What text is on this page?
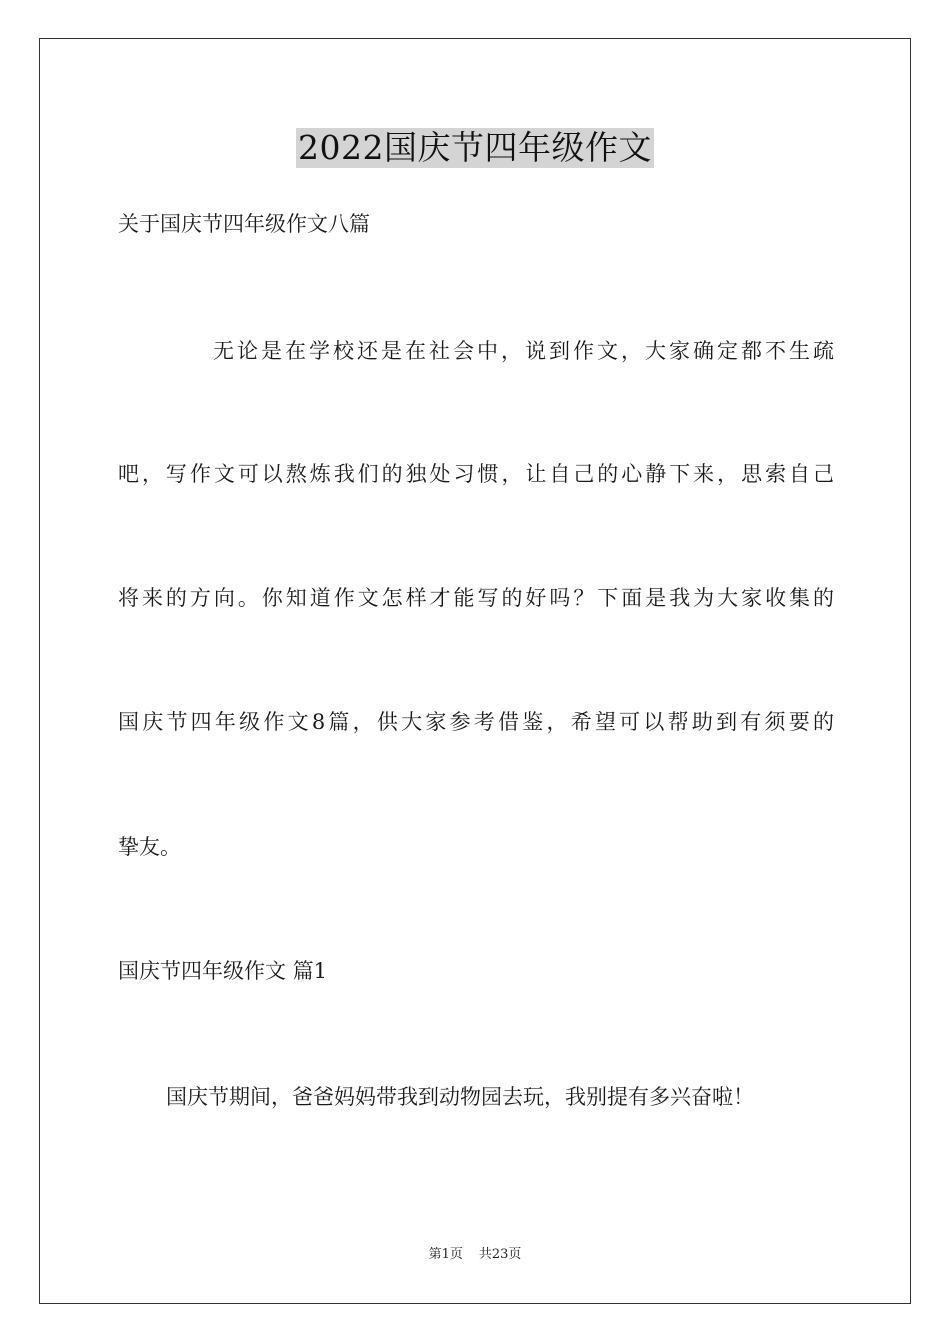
2022国庆节四年级作文
关于国庆节四年级作文八篇
无论是在学校还是在社会中，说到作文，大家确定都不生疏
吧，写作文可以熬炼我们的独处习惯，让自己的心静下来，思索自己
将来的方向。你知道作文怎样才能写的好吗？下面是我为大家收集的
国庆节四年级作文8篇，供大家参考借鉴，希望可以帮助到有须要的
挚友。
国庆节四年级作文 篇1
国庆节期间，爸爸妈妈带我到动物园去玩，我别提有多兴奋啦！
第1页 共23页
